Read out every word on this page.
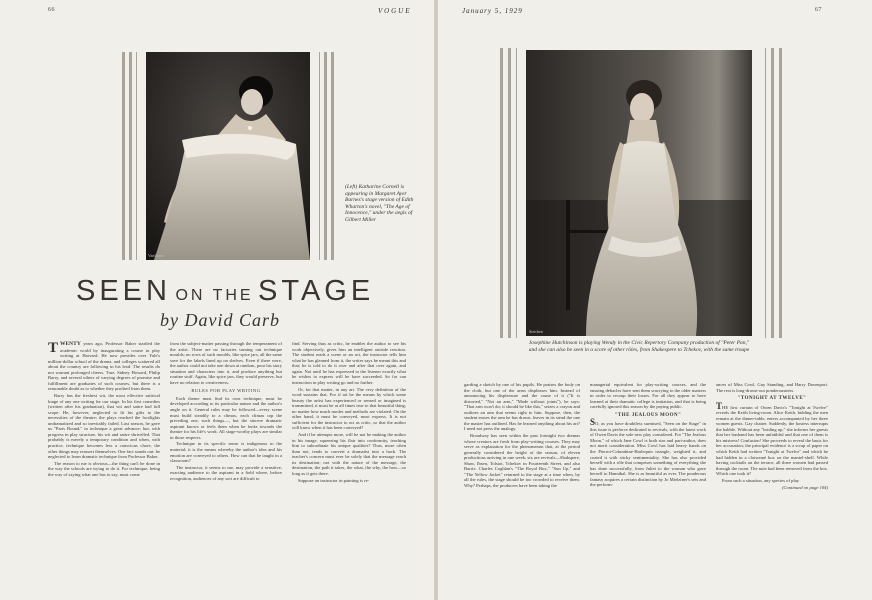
66	VOGUE	January 5, 1929	67
Vandamm
(Left) Katharine Cornell is appearing in Margaret Ayer Barnes's stage version of Edith Wharton's novel, "The Age of Innocence," under the aegis of Gilbert Miller
SEEN ON THE STAGE
by David Carb

TWENTY years ago, Professor Baker startled the academic world by inaugurating a course in play writing at Harvard. He now presides over Yale's million-dollar school of the drama, and colleges scattered all about the country are following in his lead. The results do not warrant prolonged cheers. True, Sidney Howard, Philip Barry, and several others of varying degrees of promise and fulfillment are graduates of such courses, but there is a reasonable doubt as to whether they profited from them.

Barry has the freshest wit, the most effective satirical lunge of any one writing for our stage. In his first comedies (written after his graduation), that wit and satire had full scope. He, however, neglected to fit his gifts to the necessities of the theatre; the plays reached the footlights undramatized and so inevitably failed. Last season, he gave us "Paris Bound," in technique a great advance; but, with progress in play structure, his wit and satire shrivelled. That probably is merely a temporary condition and when, with practice, technique becomes less a conscious chore, the other things may reassert themselves. One fact stands out: he neglected to learn dramatic technique from Professor Baker.

The reason to me is obvious—the thing can't be done in the way the schools are trying to do it. For technique, being the way of saying what one has to say, must come

from the subject-matter passing through the temperament of the artist. There are no factories turning out technique moulds; no rows of such moulds, like spice jars, all the same save for the labels lined up on shelves. Even if there were, the author could not take one down at random, pour his story situation and characters into it, and produce anything but routine stuff. Again, like spice jars, they would preserve, but have no relation to creativeness.

RULES FOR PLAY WRITING

Each theme must find its own technique, must be developed according to its particular nature and the author's angle on it. General rules may be followed—every scene must build steadily to a climax, each climax top the preceding one, such things—, but the sincere dramatic aspirant knows or feels them when he looks towards the theatre for his life's work. All stage-worthy plays are similar in those respects.

Technique in its specific sense is indigenous to the material; it is the means whereby the author's idea and his emotion are conveyed to others. How can that be taught in a classroom?

The instructor, it seems to me, may provide a sensitive, exacting audience to the aspirant in a field where, before recognition, audiences of any sort are difficult to

find. Serving thus as critic, he enables the author to see his work objectively, gives him an intelligent outside reaction. The student reads a scene or an act, the instructor tells him what he has gleaned from it, the writer says he meant this and that; he is told to do it over and after that over again, and again. Not until he has expressed to the listener exactly what he wishes to express will he have succeeded. So far can instruction in play writing go and no farther.

Or, for that matter, in any art. The very definition of the word sustains that. For if art be the means by which some beauty the artist has experienced or sensed or imagined is transmitted, it must be at all times true to that beautiful thing, no matter how much modes and methods are violated. On the other hand, it must be conveyed, must express. It is not sufficient for the instructor to act as critic, so that the author will know when it has been conveyed?

And if he attempts more, will he not be making the author in his image, squeezing his flair into conformity, teaching him to subordinate his unique qualities? Thus, more often than not, tends to convert a dramatist into a hack. The teacher's concern must ever be solely that the message reach its destination; not with the nature of the message, the destination, the path it takes, the what, the why, the how—so long as it gets there.

Suppose an instructor in painting is re-

Steichen
Josephine Hutchinson is playing Wendy in the Civic Repertory Company production of "Peter Pan," and she can also be seen in a score of other rôles, from Shakespere to Tchekov, with the same troupe

garding a sketch by one of his pupils. He praises the body on the cloth, but one of the arms displeases him. Instead of announcing his displeasure and the cause of it ("It is distorted," "Not an arm," "Made without joints"), he says: "That arm won't do; it should be like this," seizes a crayon and outlines an arm that seems right to him. Suppose, then, the student erases the arm he has drawn, leaves in its stead the one the master has outlined. Has he learned anything about his art? I need not press the analogy.

Broadway has seen within the past fortnight two dramas whose creators are fresh from play-writing courses. They may serve as explanation for the phenomenon that, at the period generally considered the height of the season, of eleven productions arriving in one week, six are revivals—Shakspere, Shaw, Ibsen, Tolstoi, Tchekov in Fourteenth Street, and also Barrie. Charles Coghlan's "The Royal Box," "Sun Up," and "The Yellow Jacket" returned to the stage at a time when, by all the rules, the stage should be too crowded to receive them. Why? Perhaps, the producers have been taking the

managerial equivalent for play-writing courses, and the ensuing debacles have sent them scurrying to the older masters in order to recoup their losses. For all they appear to have learned at their dramatic college is imitation, and that is being carefully ignored this season by the paying public.

"THE JEALOUS MOON"

SO, as you have doubtless surmised, "Seen on the Stage" in this issue is perforce dedicated to revivals, with the latest work of Owen Davis the sole new play considered. For "The Jealous Moon," of which Jane Cowl is both star and part-author, does not merit consideration. Miss Cowl has laid heavy hands on the Pierrot-Columbine-Harlequin triangle, weighted it, and coated it with sticky sentimentality. She has also provided herself with a rôle that comprises something of everything she has done successfully, from Juliet to the woman who gave herself to Hannibal. She is as beautiful as ever. The ponderous fantasy acquires a certain distinction by Jo Mielziner's sets and the perform-

ances of Miss Cowl, Guy Standing, and Harry Davenport. The rest is long-drawn-out ponderousness.

"TONIGHT AT TWELVE"

THE first curtain of Owen Davis's "Tonight at Twelve" reveals the Keith living-room. Alice Keith, bidding the men remain at the dinner-table, enters accompanied by her three women guests. Gay chatter. Suddenly, the hostess interrupts the babble. Without any "leading up," she informs her guests that her husband has been unfaithful and that one of them is his mistress! Confusion! She proceeds to reveal the basis for her accusation; the principal evidence is a scrap of paper on which Keith had written "Tonight at Twelve" and which he had hidden in a cloisonné box on the mantel-shelf. While having cocktails on the terrace, all three women had passed through the room. The note had been removed from the box. Which one took it?

From such a situation, any species of play

(Continued on page 104)
